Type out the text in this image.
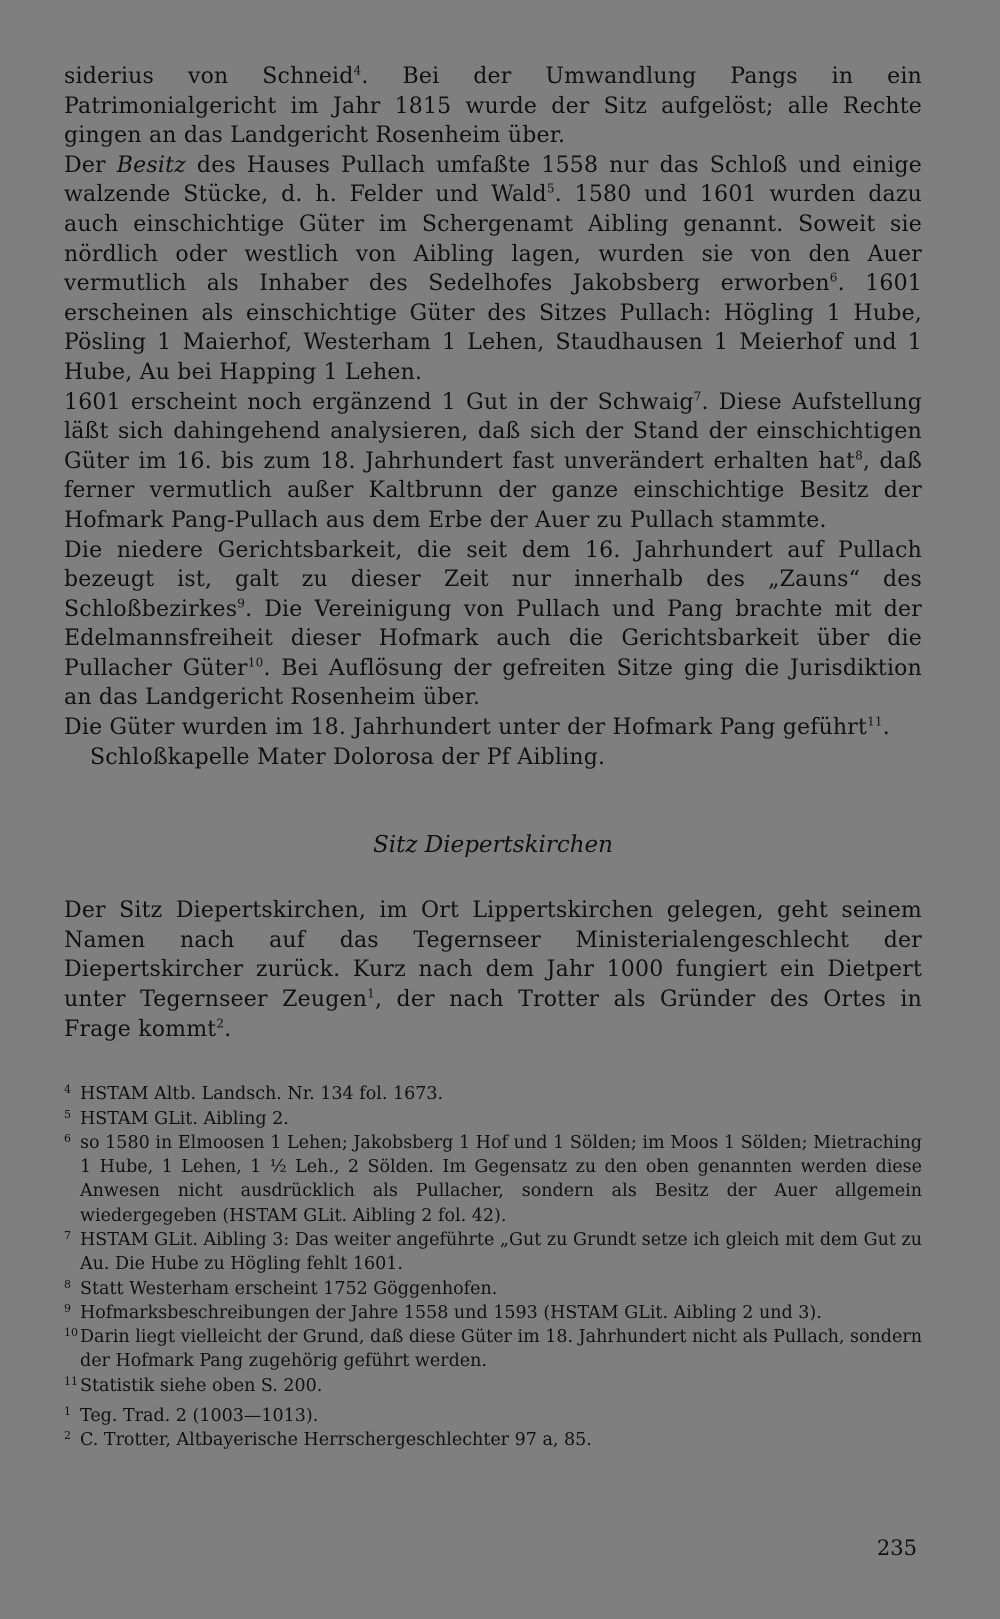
siderius von Schneid$^4$. Bei der Umwandlung Pangs in ein Patrimonialgericht im Jahr 1815 wurde der Sitz aufgelöst; alle Rechte gingen an das Landgericht Rosenheim über.

Der Besitz des Hauses Pullach umfaßte 1558 nur das Schloß und einige walzende Stücke, d. h. Felder und Wald$^5$. 1580 und 1601 wurden dazu auch einschichtige Güter im Schergenamt Aibling genannt. Soweit sie nördlich oder westlich von Aibling lagen, wurden sie von den Auer vermutlich als Inhaber des Sedelhofes Jakobsberg erworben$^6$. 1601 erscheinen als einschichtige Güter des Sitzes Pullach: Högling 1 Hube, Pösling 1 Maierhof, Westerham 1 Lehen, Staudhausen 1 Meierhof und 1 Hube, Au bei Happing 1 Lehen.

1601 erscheint noch ergänzend 1 Gut in der Schwaig$^7$. Diese Aufstellung läßt sich dahingehend analysieren, daß sich der Stand der einschichtigen Güter im 16. bis zum 18. Jahrhundert fast unverändert erhalten hat$^8$, daß ferner vermutlich außer Kaltbrunn der ganze einschichtige Besitz der Hofmark Pang-Pullach aus dem Erbe der Auer zu Pullach stammte.

Die niedere Gerichtsbarkeit, die seit dem 16. Jahrhundert auf Pullach bezeugt ist, galt zu dieser Zeit nur innerhalb des „Zauns“ des Schloßbezirkes$^9$. Die Vereinigung von Pullach und Pang brachte mit der Edelmannsfreiheit dieser Hofmark auch die Gerichtsbarkeit über die Pullacher Güter$^{10}$. Bei Auflösung der gefreiten Sitze ging die Jurisdiktion an das Landgericht Rosenheim über.

Die Güter wurden im 18. Jahrhundert unter der Hofmark Pang geführt$^{11}$.

Schloßkapelle Mater Dolorosa der Pf Aibling.

Sitz Diepertskirchen

Der Sitz Diepertskirchen, im Ort Lippertskirchen gelegen, geht seinem Namen nach auf das Tegernseer Ministerialengeschlecht der Diepertskircher zurück. Kurz nach dem Jahr 1000 fungiert ein Dietpert unter Tegernseer Zeugen$^1$, der nach Trotter als Gründer des Ortes in Frage kommt$^2$.

4 HSTAM Altb. Landsch. Nr. 134 fol. 1673.
5 HSTAM GLit. Aibling 2.
6 so 1580 in Elmoosen 1 Lehen; Jakobsberg 1 Hof und 1 Sölden; im Moos 1 Sölden; Mietraching 1 Hube, 1 Lehen, 1 ½ Leh., 2 Sölden. Im Gegensatz zu den oben genannten werden diese Anwesen nicht ausdrücklich als Pullacher, sondern als Besitz der Auer allgemein wiedergegeben (HSTAM GLit. Aibling 2 fol. 42).
7 HSTAM GLit. Aibling 3: Das weiter angeführte „Gut zu Grundt setze ich gleich mit dem Gut zu Au. Die Hube zu Högling fehlt 1601.
8 Statt Westerham erscheint 1752 Göggenhofen.
9 Hofmarksbeschreibungen der Jahre 1558 und 1593 (HSTAM GLit. Aibling 2 und 3).
10 Darin liegt vielleicht der Grund, daß diese Güter im 18. Jahrhundert nicht als Pullach, sondern der Hofmark Pang zugehörig geführt werden.
11 Statistik siehe oben S. 200.
1 Teg. Trad. 2 (1003—1013).
2 C. Trotter, Altbayerische Herrschergeschlechter 97 a, 85.
235
